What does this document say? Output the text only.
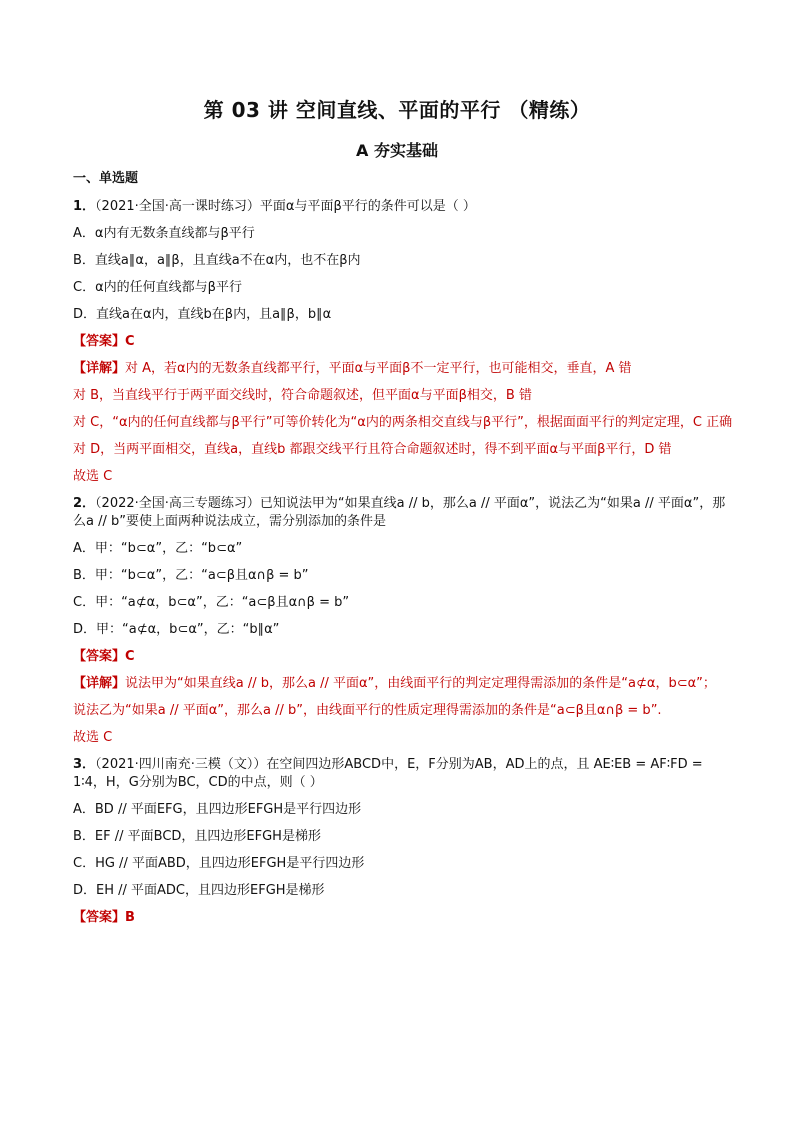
第 03 讲 空间直线、平面的平行 （精练）
A 夯实基础
一、单选题
1．（2021·全国·高一课时练习）平面α与平面β平行的条件可以是（ ）
A．α内有无数条直线都与β平行
B．直线a∥α，a∥β，且直线a不在α内，也不在β内
C．α内的任何直线都与β平行
D．直线a在α内，直线b在β内，且a∥β，b∥α
【答案】C
【详解】对 A，若α内的无数条直线都平行，平面α与平面β不一定平行，也可能相交，垂直，A 错
对 B，当直线平行于两平面交线时，符合命题叙述，但平面α与平面β相交，B 错
对 C，“α内的任何直线都与β平行”可等价转化为“α内的两条相交直线与β平行”，根据面面平行的判定定理，C 正确
对 D，当两平面相交，直线a，直线b 都跟交线平行且符合命题叙述时，得不到平面α与平面β平行，D 错
故选 C
2．（2022·全国·高三专题练习）已知说法甲为“如果直线a // b，那么a // 平面α”，说法乙为“如果a // 平面α”，那么a // b”要使上面两种说法成立，需分别添加的条件是
A．甲：“b⊂α”，乙：“b⊂α”
B．甲：“b⊂α”，乙：“a⊂β且α∩β = b”
C．甲：“a⊄α，b⊂α”，乙：“a⊂β且α∩β = b”
D．甲：“a⊄α，b⊂α”，乙：“b∥α”
【答案】C
【详解】说法甲为“如果直线a // b，那么a // 平面α”，由线面平行的判定定理得需添加的条件是“a⊄α，b⊂α”；
说法乙为“如果a // 平面α”，那么a // b”，由线面平行的性质定理得需添加的条件是“a⊂β且α∩β = b”.
故选 C
3．（2021·四川南充·三模（文））在空间四边形ABCD中，E，F分别为AB，AD上的点，且 AE∶EB = AF∶FD = 1∶4，H，G分别为BC，CD的中点，则（ ）
A．BD // 平面EFG，且四边形EFGH是平行四边形
B．EF // 平面BCD，且四边形EFGH是梯形
C．HG // 平面ABD，且四边形EFGH是平行四边形
D．EH // 平面ADC，且四边形EFGH是梯形
【答案】B
